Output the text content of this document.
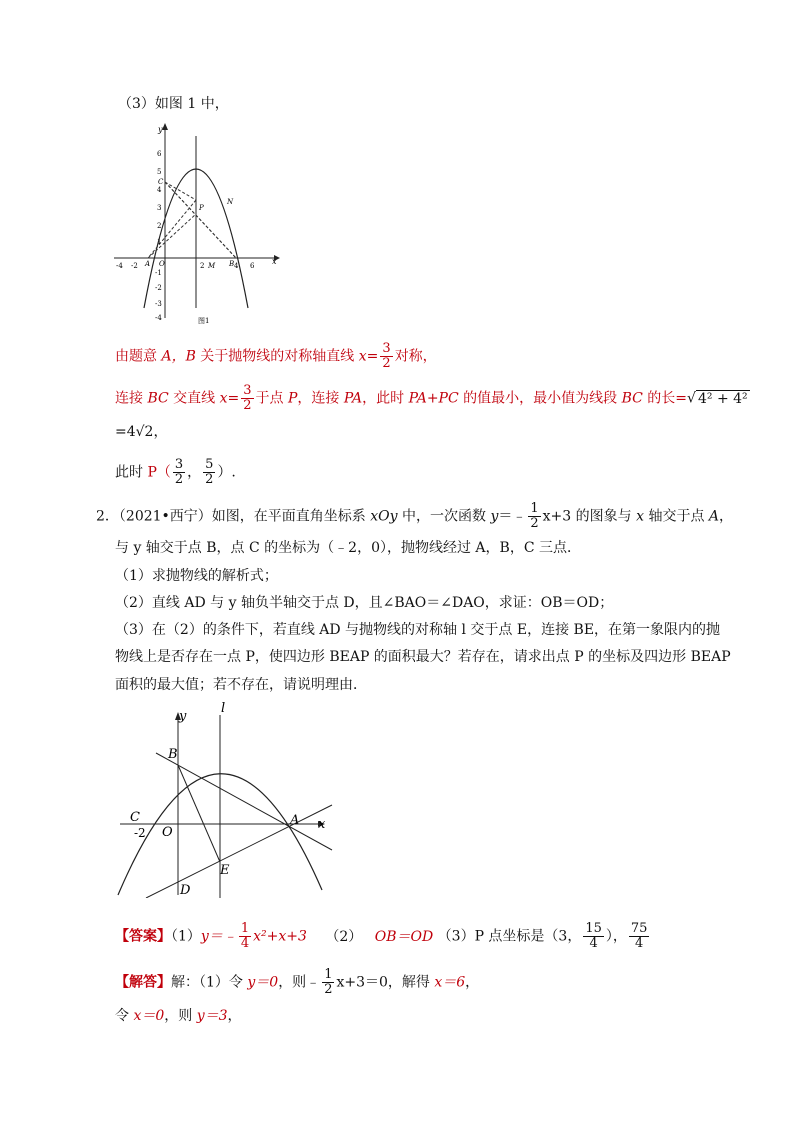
（3）如图 1 中，
y
x
-4 -2	2	4 6
6
5
4
3
2
1
-1
-2
-3
-4
O
A	B
C
P
N
M
图1
由题意 A，B 关于抛物线的对称轴直线 $x= \frac{3}{2}$ 对称，
连接 BC 交直线 $x= \frac{3}{2}$ 于点 P，连接 PA，此时 PA+PC 的值最小，最小值为线段 BC 的长=√ 4² + 4²
=4√2，
此时 $P( \frac{3}{2}$ ， $\frac{5}{2}$ ）.
2．（2021•西宁）如图，在平面直角坐标系 xOy 中，一次函数 y＝﹣ $\frac{1}{2} x+3$ 的图象与 x 轴交于点 A，
与 y 轴交于点 B，点 C 的坐标为（﹣2，0），抛物线经过 A，B，C 三点．
（1）求抛物线的解析式；
（2）直线 AD 与 y 轴负半轴交于点 D，且∠BAO＝∠DAO，求证：OB＝OD；
（3）在（2）的条件下，若直线 AD 与抛物线的对称轴 l 交于点 E，连接 BE，在第一象限内的抛
物线上是否存在一点 P，使四边形 BEAP 的面积最大？若存在，请求出点 P 的坐标及四边形 BEAP
面积的最大值；若不存在，请说明理由．
y
l
B
C
-2 O
A x
E
D
【答案】（1）y＝﹣ $\frac{1}{4} x^2+x+3$ （2） OB＝OD （3）P 点坐标是（3， $\frac{15}{4}$ ）， $\frac{75}{4}$
【解答】解：（1）令 y＝0，则﹣ $\frac{1}{2} x+3=0$，解得 x＝6，
令 x＝0，则 y＝3，
